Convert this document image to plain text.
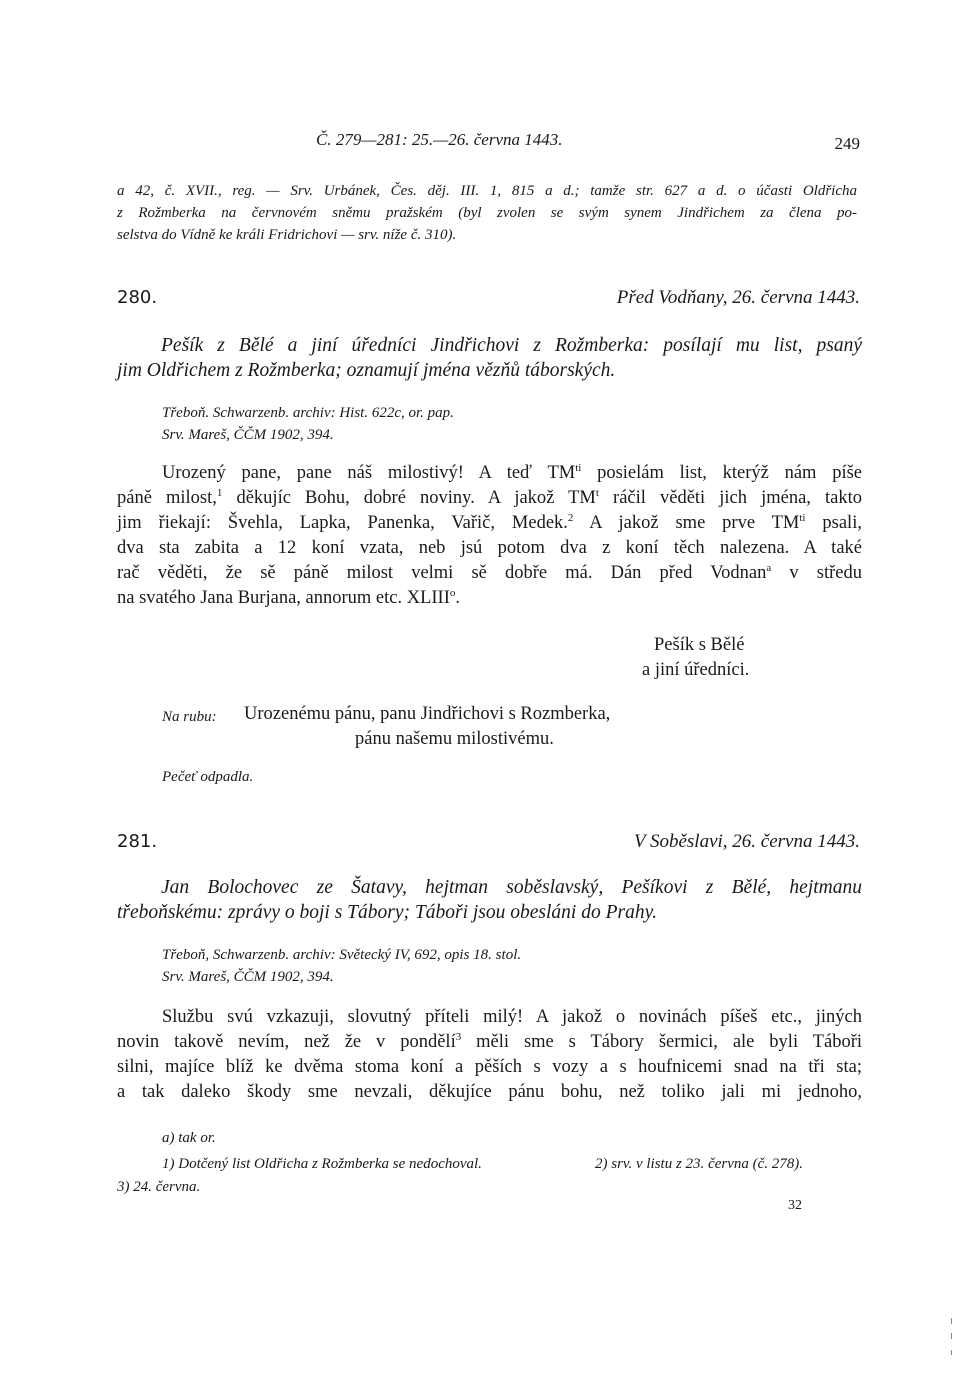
Č. 279—281: 25.—26. června 1443.	249
a 42, č. XVII., reg. — Srv. Urbánek, Čes. děj. III. 1, 815 a d.; tamže str. 627 a d. o účasti Oldřicha
z Rožmberka na červnovém sněmu pražském (byl zvolen se svým synem Jindřichem za člena po-
selstva do Vídně ke králi Fridrichovi — srv. níže č. 310).
280.	Před Vodňany, 26. června 1443.
Pešík z Bělé a jiní úředníci Jindřichovi z Rožmberka: posílají mu list, psaný
jim Oldřichem z Rožmberka; oznamují jména vězňů táborských.
Třeboň. Schwarzenb. archiv: Hist. 622c, or. pap.
Srv. Mareš, ČČM 1902, 394.
Urozený pane, pane náš milostivý! A teď $TM^{ti}$ posielám list, kterýž nám píše
páně milost,$^1$ děkujíc Bohu, dobré noviny. A jakož $TM^t$ ráčil věděti jich jména, takto
jim řiekají: Švehla, Lapka, Panenka, Vařič, Medek.$^2$ A jakož sme prve $TM^{ti}$ psali,
dva sta zabita a 12 koní vzata, neb jsú potom dva z koní těch nalezena. A také
rač věděti, že sě páně milost velmi sě dobře má. Dán před Vodnan$^a$ v středu
na svatého Jana Burjana, annorum etc. XLIII$^o$.
Pešík s Bělé
a jiní úředníci.
Na rubu: Urozenému pánu, panu Jindřichovi s Rozmberka,
pánu našemu milostivému.
Pečeť odpadla.
281.	V Soběslavi, 26. června 1443.
Jan Bolochovec ze Šatavy, hejtman soběslavský, Pešíkovi z Bělé, hejtmanu
třeboňskému: zprávy o boji s Tábory; Táboři jsou obesláni do Prahy.
Třeboň, Schwarzenb. archiv: Světecký IV, 692, opis 18. stol.
Srv. Mareš, ČČM 1902, 394.
Službu svú vzkazuji, slovutný příteli milý! A jakož o novinách píšeš etc., jiných
novin takově nevím, než že v pondělí$^3$ měli sme s Tábory šermici, ale byli Táboři
silni, majíce blíž ke dvěma stoma koní a pěších s vozy a s houfnicemi snad na tři sta;
a tak daleko škody sme nevzali, děkujíce pánu bohu, než toliko jali mi jednoho,
a) tak or.
1) Dotčený list Oldřicha z Rožmberka se nedochoval.	2) srv. v listu z 23. června (č. 278).
3) 24. června.
32
